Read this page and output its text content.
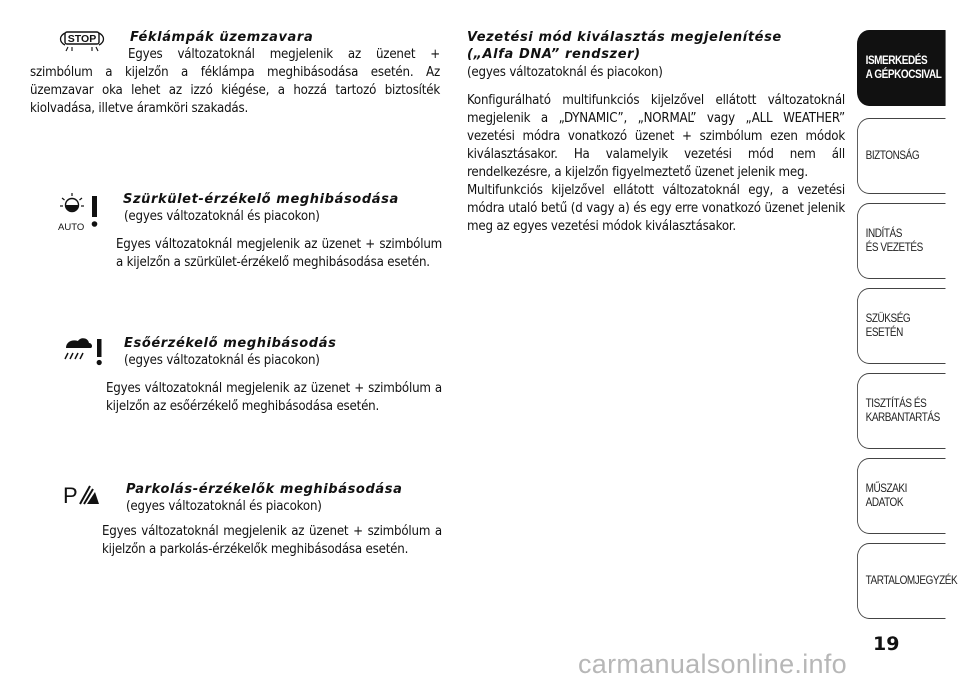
STOP	Féklámpák üzemzavara
Egyes változatoknál megjelenik az üzenet + szimbólum a kijelzőn a féklámpa meghibásodása esetén. Az üzemzavar oka lehet az izzó kiégése, a hozzá tartozó biztosíték kiolvadása, illetve áramköri szakadás.
AUTO
Szürkület-érzékelő meghibásodása
(egyes változatoknál és piacokon)
Egyes változatoknál megjelenik az üzenet + szimbólum a kijelzőn a szürkület-érzékelő meghibásodása esetén.
Esőérzékelő meghibásodás
(egyes változatoknál és piacokon)
Egyes változatoknál megjelenik az üzenet + szimbólum a kijelzőn az esőérzékelő meghibásodása esetén.
P	Parkolás-érzékelők meghibásodása
(egyes változatoknál és piacokon)
Egyes változatoknál megjelenik az üzenet + szimbólum a kijelzőn a parkolás-érzékelők meghibásodása esetén.
Vezetési mód kiválasztás megjelenítése
(„Alfa DNA” rendszer)
(egyes változatoknál és piacokon)
Konfigurálható multifunkciós kijelzővel ellátott változatoknál megjelenik a „DYNAMIC”, „NORMAL” vagy „ALL WEATHER” vezetési módra vonatkozó üzenet + szimbólum ezen módok kiválasztásakor. Ha valamelyik vezetési mód nem áll rendelkezésre, a kijelzőn figyelmeztető üzenet jelenik meg.
Multifunkciós kijelzővel ellátott változatoknál egy, a vezetési módra utaló betű (d vagy a) és egy erre vonatkozó üzenet jelenik meg az egyes vezetési módok kiválasztásakor.
ISMERKEDÉS
A GÉPKOCSIVAL
BIZTONSÁG
INDÍTÁS
ÉS VEZETÉS
SZÜKSÉG
ESETÉN
TISZTÍTÁS ÉS
KARBANTARTÁS
MŰSZAKI
ADATOK
TARTALOMJEGYZÉK
19
carmanualsonline.info
